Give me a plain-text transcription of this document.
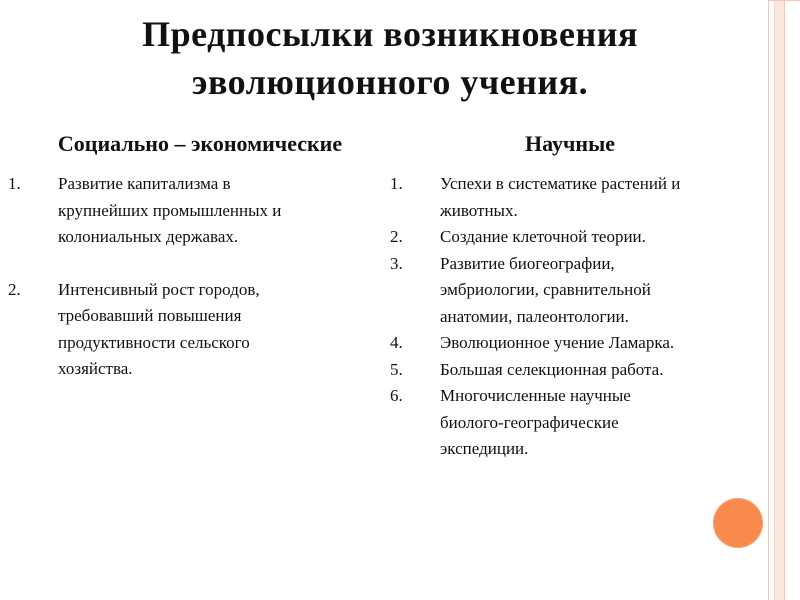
Предпосылки возникновения
эволюционного учения.
Социально – экономические	Научные
1. Развитие капитализма в
крупнейших промышленных и
колониальных державах.
2. Интенсивный рост городов,
требовавший повышения
продуктивности сельского
хозяйства.
1. Успехи в систематике растений и
животных.
2. Создание клеточной теории.
3. Развитие биогеографии,
эмбриологии, сравнительной
анатомии, палеонтологии.
4. Эволюционное учение Ламарка.
5. Большая селекционная работа.
6. Многочисленные научные
биолого-географические
экспедиции.
